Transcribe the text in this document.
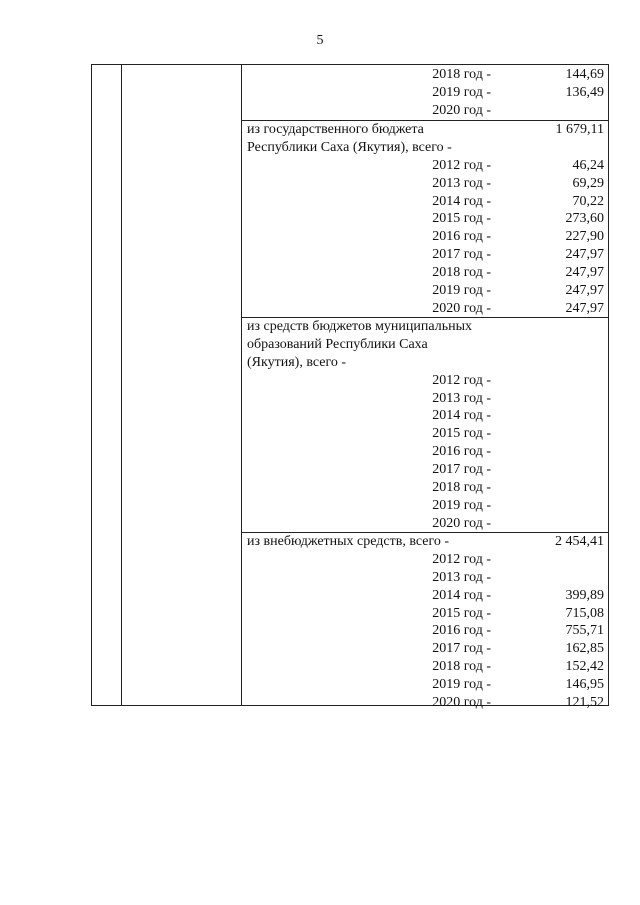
5
2018 год -	144,69
2019 год -	136,49
2020 год -
из государственного бюджета	1 679,11
Республики Саха (Якутия), всего -
2012 год -	46,24
2013 год -	69,29
2014 год -	70,22
2015 год -	273,60
2016 год -	227,90
2017 год -	247,97
2018 год -	247,97
2019 год -	247,97
2020 год -	247,97
из средств бюджетов муниципальных
образований Республики Саха
(Якутия), всего -
2012 год -
2013 год -
2014 год -
2015 год -
2016 год -
2017 год -
2018 год -
2019 год -
2020 год -
из внебюджетных средств, всего -	2 454,41
2012 год -
2013 год -
2014 год -	399,89
2015 год -	715,08
2016 год -	755,71
2017 год -	162,85
2018 год -	152,42
2019 год -	146,95
2020 год -	121,52
